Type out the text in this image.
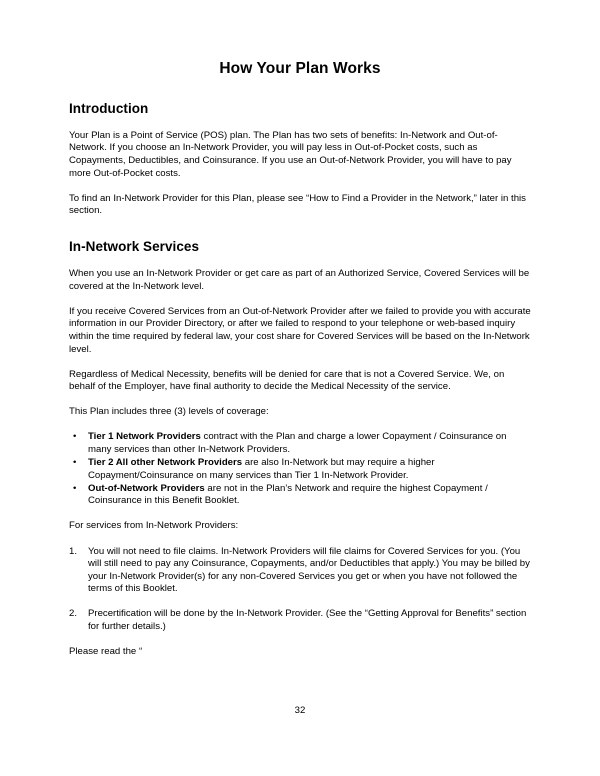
How Your Plan Works
Introduction

Your Plan is a Point of Service (POS) plan. The Plan has two sets of benefits: In-Network and Out-of-Network. If you choose an In-Network Provider, you will pay less in Out-of-Pocket costs, such as Copayments, Deductibles, and Coinsurance. If you use an Out-of-Network Provider, you will have to pay more Out-of-Pocket costs.

To find an In-Network Provider for this Plan, please see “How to Find a Provider in the Network,” later in this section.

In-Network Services

When you use an In-Network Provider or get care as part of an Authorized Service, Covered Services will be covered at the In-Network level.

If you receive Covered Services from an Out-of-Network Provider after we failed to provide you with accurate information in our Provider Directory, or after we failed to respond to your telephone or web-based inquiry within the time required by federal law, your cost share for Covered Services will be based on the In-Network level.

Regardless of Medical Necessity, benefits will be denied for care that is not a Covered Service. We, on behalf of the Employer, have final authority to decide the Medical Necessity of the service.

This Plan includes three (3) levels of coverage:

• Tier 1 Network Providers contract with the Plan and charge a lower Copayment / Coinsurance on many services than other In-Network Providers.
• Tier 2 All other Network Providers are also In-Network but may require a higher Copayment/Coinsurance on many services than Tier 1 In-Network Provider.
• Out-of-Network Providers are not in the Plan’s Network and require the highest Copayment / Coinsurance in this Benefit Booklet.

For services from In-Network Providers:

1. You will not need to file claims. In-Network Providers will file claims for Covered Services for you. (You will still need to pay any Coinsurance, Copayments, and/or Deductibles that apply.) You may be billed by your In-Network Provider(s) for any non-Covered Services you get or when you have not followed the terms of this Booklet.
2. Precertification will be done by the In-Network Provider. (See the “Getting Approval for Benefits” section for further details.)

Please read the “

32
